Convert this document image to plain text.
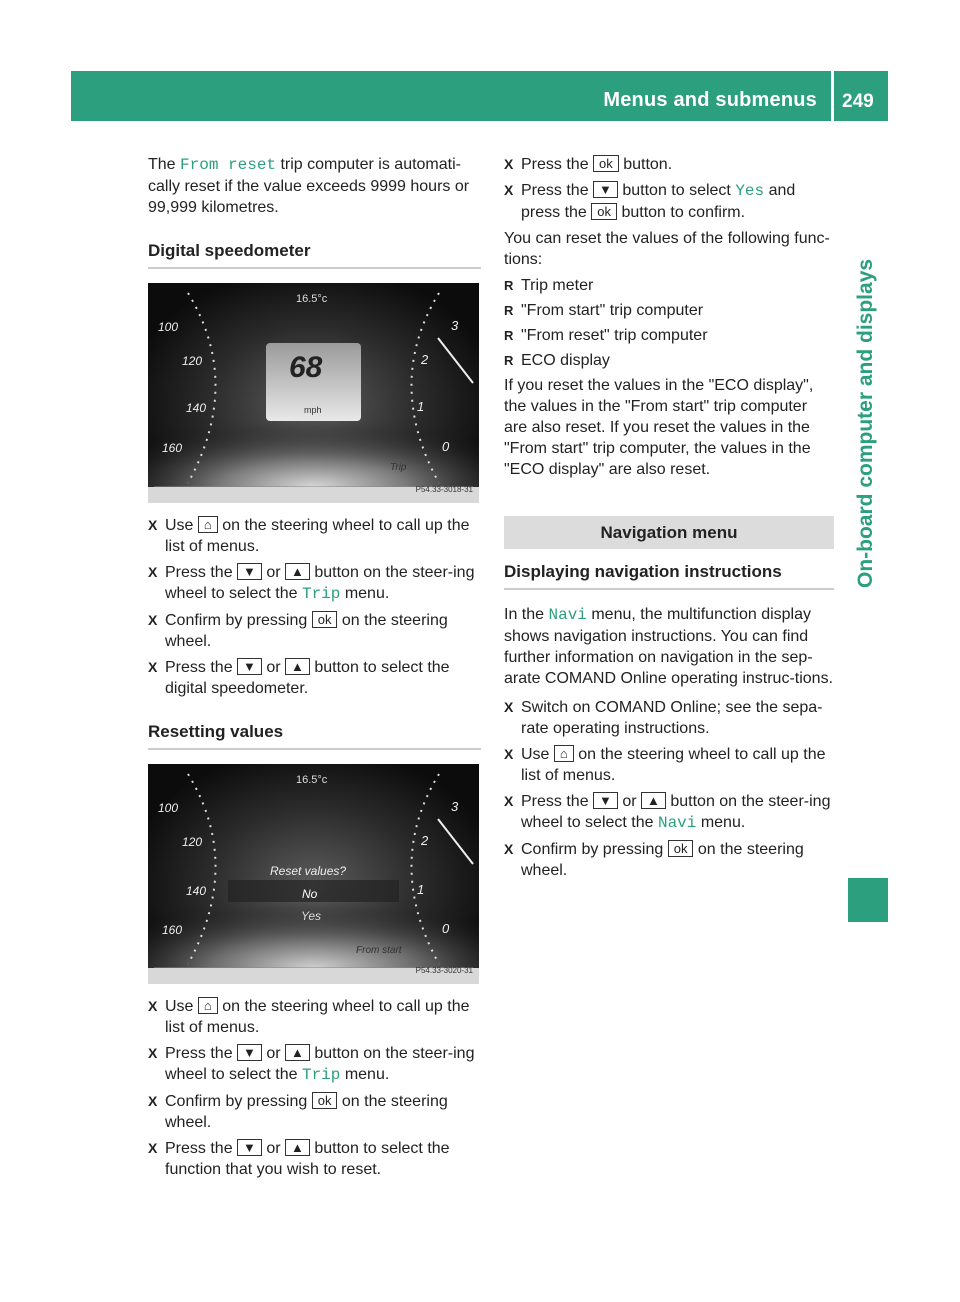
Menus and submenus 249
On-board computer and displays

The From reset trip computer is automati-cally reset if the value exceeds 9999 hours or 99,999 kilometres.

Digital speedometer
16.5°c
68
mph
100
120
140
160
3
2
1
0
Trip
P54.33-3018-31

X Use ⌂ on the steering wheel to call up the list of menus.

X Press the ▼ or ▲ button on the steer-ing wheel to select the Trip menu.

X Confirm by pressing ok on the steering wheel.

X Press the ▼ or ▲ button to select the digital speedometer.

Resetting values
16.5°c
Reset values?
No
Yes
100
120
140
160
3
2
1
0
From start
P54.33-3020-31

X Use ⌂ on the steering wheel to call up the list of menus.

X Press the ▼ or ▲ button on the steer-ing wheel to select the Trip menu.

X Confirm by pressing ok on the steering wheel.

X Press the ▼ or ▲ button to select the function that you wish to reset.

X Press the ok button.

X Press the ▼ button to select Yes and press the ok button to confirm.

You can reset the values of the following func-tions:

R Trip meter

R "From start" trip computer

R "From reset" trip computer

R ECO display

If you reset the values in the "ECO display", the values in the "From start" trip computer are also reset. If you reset the values in the "From start" trip computer, the values in the "ECO display" are also reset.

Navigation menu
Displaying navigation instructions

In the Navi menu, the multifunction display shows navigation instructions. You can find further information on navigation in the sep-arate COMAND Online operating instruc-tions.

X Switch on COMAND Online; see the sepa-rate operating instructions.

X Use ⌂ on the steering wheel to call up the list of menus.

X Press the ▼ or ▲ button on the steer-ing wheel to select the Navi menu.

X Confirm by pressing ok on the steering wheel.
